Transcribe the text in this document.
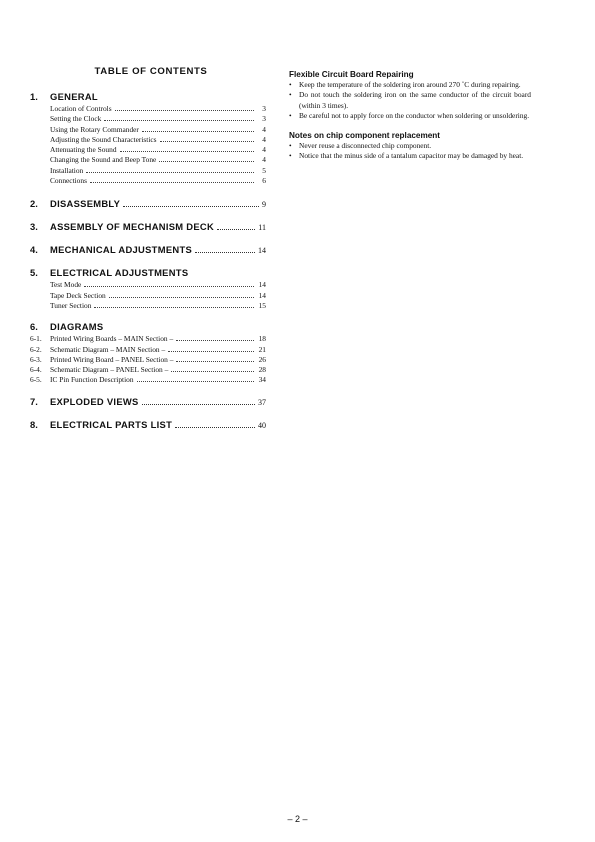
TABLE OF CONTENTS
1.	GENERAL
Location of Controls	3
Setting the Clock	3
Using the Rotary Commander	4
Adjusting the Sound Characteristics	4
Attenuating the Sound	4
Changing the Sound and Beep Tone	4
Installation	5
Connections	6
2.	DISASSEMBLY	9
3.	ASSEMBLY OF MECHANISM DECK	11
4.	MECHANICAL ADJUSTMENTS	14
5.	ELECTRICAL ADJUSTMENTS
Test Mode	14
Tape Deck Section	14
Tuner Section	15
6.	DIAGRAMS
6-1.	Printed Wiring Boards – MAIN Section –	18
6-2.	Schematic Diagram – MAIN Section –	21
6-3.	Printed Wiring Board – PANEL Section –	26
6-4.	Schematic Diagram – PANEL Section –	28
6-5.	IC Pin Function Description	34
7.	EXPLODED VIEWS	37
8.	ELECTRICAL PARTS LIST	40
Flexible Circuit Board Repairing
• Keep the temperature of the soldering iron around 270 ˚C during repairing.
• Do not touch the soldering iron on the same conductor of the circuit board (within 3 times).
• Be careful not to apply force on the conductor when soldering or unsoldering.
Notes on chip component replacement
• Never reuse a disconnected chip component.
• Notice that the minus side of a tantalum capacitor may be damaged by heat.
– 2 –
